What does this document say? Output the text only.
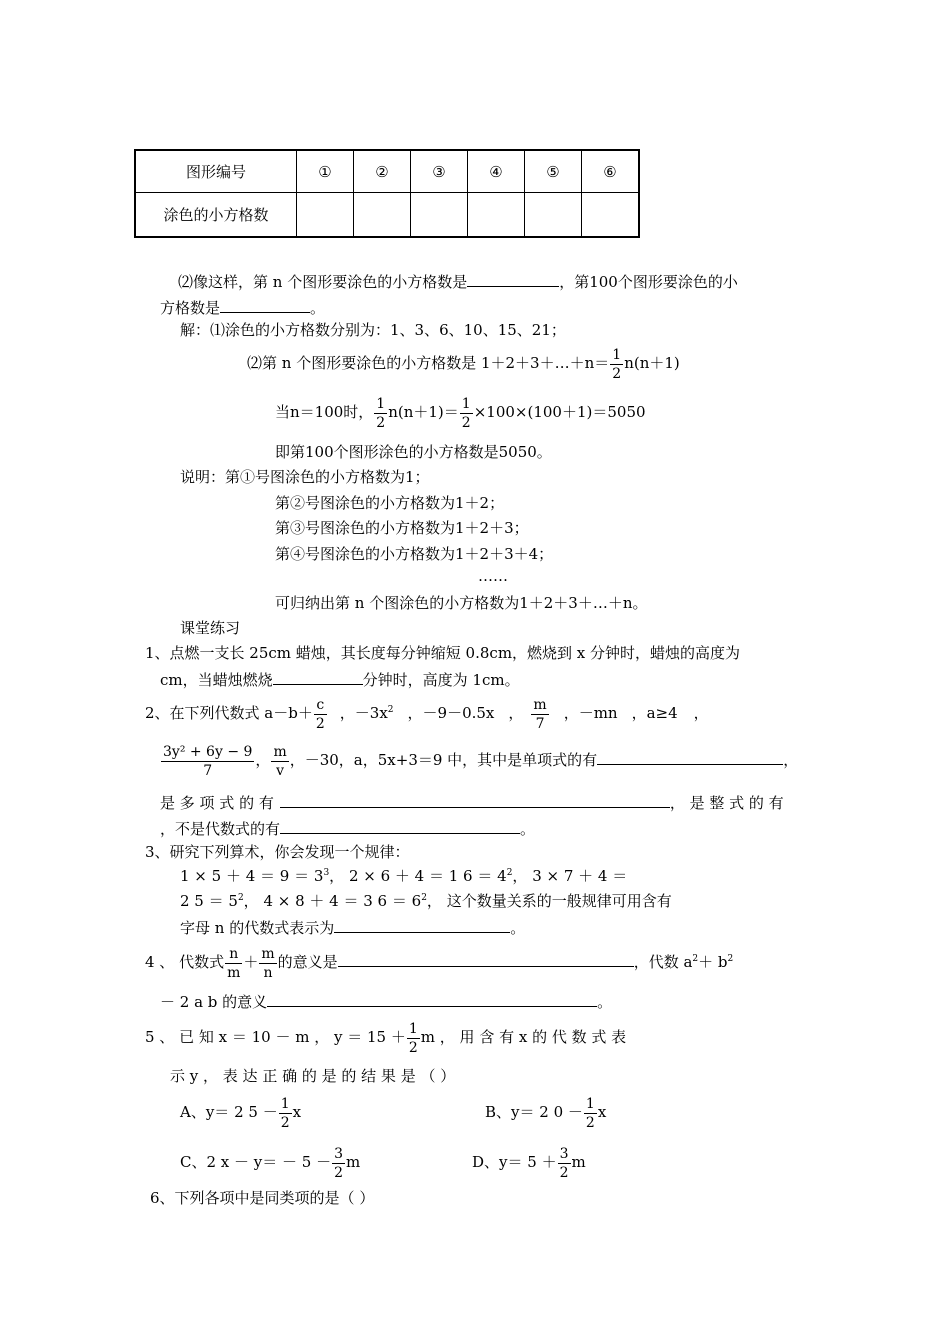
图形编号	①	②	③	④	⑤	⑥
涂色的小方格数						
⑵像这样，第 n 个图形要涂色的小方格数是	，第100个图形要涂色的小
方格数是	。
解：⑴涂色的小方格数分别为：1、3、6、10、15、21；
⑵第 n 个图形要涂色的小方格数是 1＋2＋3＋…＋n＝ $\frac{1}{2} n(n+1)$
当n＝100时， $\frac{1}{2} n(n+1)= \frac{1}{2} \times 100\times(100+1)=5050$
即第100个图形涂色的小方格数是5050。
说明：第①号图涂色的小方格数为1；
第②号图涂色的小方格数为1＋2；
第③号图涂色的小方格数为1＋2＋3；
第④号图涂色的小方格数为1＋2＋3＋4；
……
可归纳出第 n 个图涂色的小方格数为1＋2＋3＋…＋n。
课堂练习
1、点燃一支长 25cm 蜡烛，其长度每分钟缩短 0.8cm，燃烧到 x 分钟时，蜡烛的高度为
cm，当蜡烛燃烧	分钟时，高度为 1cm。
2、在下列代数式 $a-b+ \frac{c}{2}$ ，$-3x^2$ ，－9－0.5x ， $\frac{m}{7}$ ，－mn ，a≥4 ，
$\frac{\text{3y² + 6y − 9}}{7}$ ， $\frac{m}{v}$ ，－30，a，5x+3＝9 中，其中是单项式的有	，
是 多 项 式 的 有	， 是 整 式 的 有
，不是代数式的有	。
3、研究下列算术，你会发现一个规律：
$1 \times 5 + 4 = 9 = 3^3$， 2 × 6 ＋ 4 ＝ 1 $6 = 4^2$， 3 × 7 ＋ 4 ＝
2 $5 = 5^2$， 4 × 8 ＋ 4 ＝ 3 $6 = 6^2$， 这个数量关系的一般规律可用含有
字母 n 的代数式表示为	。
4 、 代数式 $\frac{n}{m} + \frac{m}{n}$ 的意义是	，代数 $a^2+ b^2$
－ 2 a b 的意义	。
5 、 已 知 x ＝ 10 － m ， $y = 15 + \frac{1}{2}$ m ， 用 含 有 x 的 代 数 式 表
示 y ， 表 达 正 确 的 是 的 结 果 是 （ ）
A、y＝ 2 $5 - \frac{1}{2}$ x	B、y＝ 2 $0 - \frac{1}{2}$ x
C、2 $x - y= - 5 - \frac{3}{2}$ m	D、$y= 5 + \frac{3}{2}$ m
6、下列各项中是同类项的是（ ）
